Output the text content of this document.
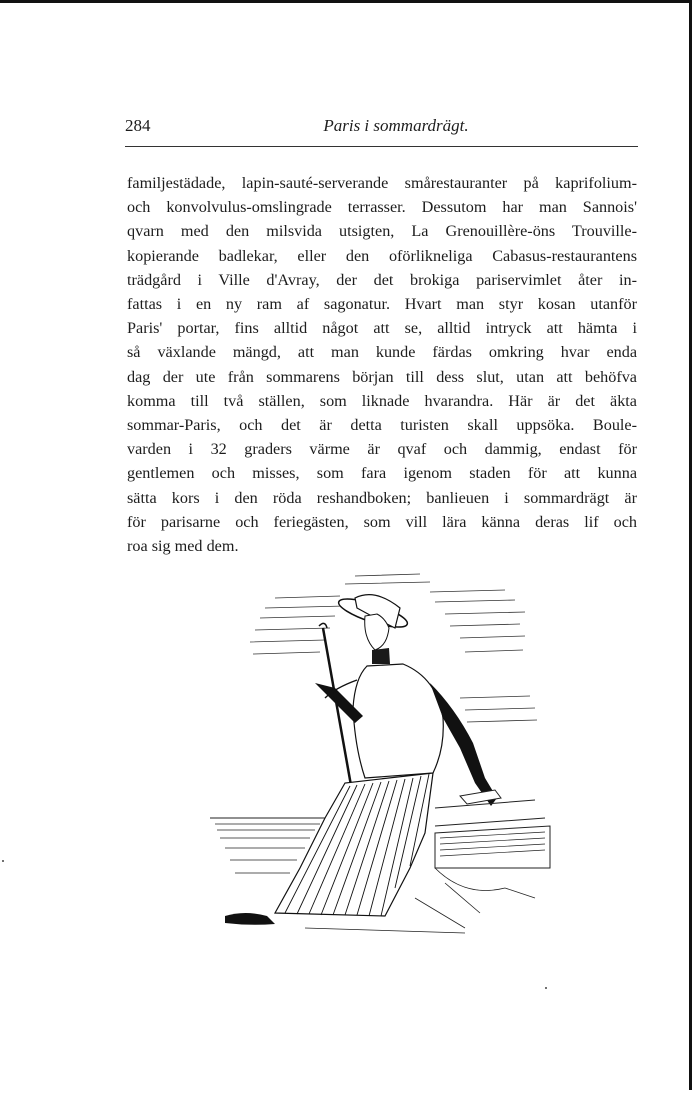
284	Paris i sommardrägt.
familjestädade, lapin-sauté-serverande smårestauranter på kaprifolium-
och konvolvulus-omslingrade terrasser. Dessutom har man Sannois'
qvarn med den milsvida utsigten, La Grenouillère-öns Trouville-
kopierande badlekar, eller den oförlikneliga Cabasus-restaurantens
trädgård i Ville d'Avray, der det brokiga pariservimlet åter in-
fattas i en ny ram af sagonatur. Hvart man styr kosan utanför
Paris' portar, fins alltid något att se, alltid intryck att hämta i
så växlande mängd, att man kunde färdas omkring hvar enda
dag der ute från sommarens början till dess slut, utan att behöfva
komma till två ställen, som liknade hvarandra. Här är det äkta
sommar-Paris, och det är detta turisten skall uppsöka. Boule-
varden i 32 graders värme är qvaf och dammig, endast för
gentlemen och misses, som fara igenom staden för att kunna
sätta kors i den röda reshandboken; banlieuen i sommardrägt är
för parisarne och feriegästen, som vill lära känna deras lif och
roa sig med dem.
